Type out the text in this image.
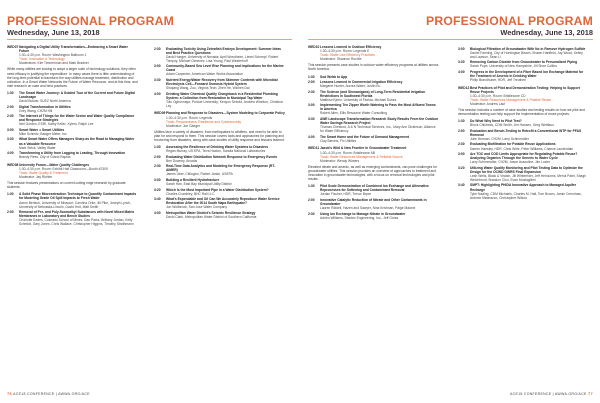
PROFESSIONAL PROGRAM
Wednesday, June 13, 2018
WED07 Navigating a Digital Utility Transformation—Embracing a Smart Water Future
1:30–4:30 p.m. Room: Washington Ballroom 1
Track: Innovation & Technology
Moderators: Kim Timmerman and Mark Bradner
While many utilities are looking to adopt a larger suite of technology solutions, they often need efficacy in justifying the expenditure. In many cases there is little understanding of the long-term potential to transform the way utilities manage treatment, distribution and collection. In a Smart Water Networks the Future of Water Resource, and at this time, and intel research on case and best practices.
1:30	The Smart Water Journey: A Guided Tour of the Current and Future Digital Landscape
David Bolivar, SUEZ North America
2:00	Digital Transformation in Utilities
Grey Wang, CH2M Hill
2:30	The Internet of Things for the Water Sector and Water Quality Compliance and Response Strategies
Neil Gordon, ESRI, Kathy Keller, Xylem, Ralph Lee
3:00	Smart Water = Smart Utilities
Mike Schmitz, Badger Meter, Inc.
3:30	What Smart Water Offers Managers Sharp as the Road to Managing Water as a Valuable Resource
Mark Strick, Valley Water
4:00	Transforming a Utility from Lagging to Leading, Through Innovation
Brandy Rees, City of Grand Rapids
WED08 University Forum—Water Quality Challenges
1:30–4:30 p.m. Room: Exhibit Hall Classroom—Booth #2309
Track: Water Quality & Treatment
Moderator: Jay Richter
This session features presentations on current cutting edge research by graduate students.
1:30	A Solid Phase Microextraction Technique to Quantify Contaminant Impacts for Modeling Grade Oil Spill Impacts to Fresh Water
Aaron Bertsch, University of Missouri; Carolina Ortiz; Jill Pike, Joseph Lynch, University of Nebraska-Lincoln, David Holt, Matt Smith
2:00	Removal of Per- and Poly-fluoroalkyl Substances with Novel Mixed Matrix Membranes in Laboratory and Bench Studies
Charlotte Eades, Colorado School of Mines, Dan Parks, Brittany Jordan, Kelly Schmidt, Gary Jones, Chris Wallace, Christopher Higgins, Timothy Strathmann
2:30	Evaluating Toxicity Using Zebrafish Embryo Development: Summer Ideas and Best Practice Questions
David Hoeger, University of Nevada; April Wondheim, Liesel Schnepf, Robert Tiznpoy, Michael Gimenez, Lisa Young, Paul Westerhoff
3:00	Community-Based Sea Level Rise Planning and Implications for the Marine Coast
Adam Carpenter, American Water Works Association
3:30	Nutrient Energy/Water Recovery from Skimmer Contents with Microbial Electrolysis Cell—Forward Osmosis Hybrid System
Shiqiang Wang, Zou, Virginia Tech; Zhen He, Wichen Dai
4:00	Drinking Water Chemical Quality Chargeback in a Residential Plumbing System: a Collection from Restoration to Municipal Tap Water
Tolu Ogbonnaya, Purdue University; Kenyon Sebold, Andrew Whelton, Christina Ley
WED09 Planning and Response to Disasters—System Modeling to Corporate Policy
1:30–4:30 p.m. Room: Legends
Track: Preparedness, Resilience and Cybersecurity
Moderator: Jon Gaeger
Utilities face a variety of disasters, from earthquakes to wildfires, and need to be able to plan for and respond to them. This session covers tools and approaches for planning and recovering from disasters, along with case studies of utility response and lessons learned.
1:30	Assessing the Resilience of Drinking Water Systems to Disasters
Regan Murray, US EPA, Terra Haxton, Sandia National Laboratories
2:00	Evaluating Water Distribution Network Response to Emergency Events
Ben Downey, Arcadis
2:30	Real-Time Data Analytics and Modeling for Emergency Response (RT-AIMER)
James Uber, Citilogics, Robert Janke, USEPA
3:00	Building a Resilient Hydrofracture
Sarah Han, East Bay Municipal Utility District
3:20	Which Is the Most Important Pipe in a Water Distribution System?
Charles Crumbley, BHC Rail LLC
3:40	What's Expendable and Oil Can We Accurately Reproduce Water Service Restoration After the 2014 South Napa Earthquake?
Jon Wollbrook, San Jose Water Company
4:00	Metropolitan Water District's Seismic Resilience Strategy
David Clark, Metropolitan Water District of Southern California
76 ACE18 CONFERENCE | AWWA.ORG/ACE
PROFESSIONAL PROGRAM
Wednesday, June 13, 2018
WED10 Lessons Learned in Outdoor Efficiency
1:30–4:30 p.m. Room: Legends E
Track: Water Use Efficiency Practices
Moderator: Shannon Rochte
This session presents case studies in outdoor water efficiency programs at utilities across North America.
1:30	Sod Webb to App
2:00	Lessons Learned in Commercial Irrigation Efficiency
Margaret Hunter, Aurora Water; Justin Eu
2:30	The Science (and Shenanigans) of Long-Term Residential Irrigation Restrictions in Southwest Florida
Matthew Kjeen, University of Florida, Michael Dukes
3:00	Implementing Ten Zipper Worth Watering to Pass the Most Affluent Towns in America
Robert Allen, Ellis Resource Water Consulting
3:30	AWE Landscape Transformation Research Study Results From the Outdoor Water Savings Research Project
Thomas Chestnut, A & N Technical Services, Inc., Mary Ann Dickinson, Alliance for Water Efficiency
4:00	The Smart Home and the Future of Demand Management
Clay Blevins, Flo Utilities
WED11 Jacob's Wild & New Frontier in Groundwater Treatment
1:30–4:30 p.m. Room: Bristlecone AB
Track: Water Resources Management & Reliable Source
Moderator: Wendy Winters
Elevated nitrate and arsenic, as well as emerging contaminants, can pose challenges for groundwater utilities. This session provides an overview of approaches to treatment and innovation in groundwater technologies, with a focus on removal technologies and pilot results.
1:30	Pilot Scale Demonstration of Combined Ion Exchange and Alternative Reprocesses for Softening and Contaminant Removal
Jordan Fischer, HDR, Trevor Bryce
2:00	Innovative Catalytic Reduction of Nitrate and Other Contaminants in Groundwater
Lauren Riddell, Hazen and Sawyer, Nina Krishnan, Paige Malone
2:30	Using Ion Exchange to Manage Nitrate in Groundwater
Adrien Williams, Stantec Engineering, Inc., Jeff Gross
3:00	Biological Filtration of Groundwater With No in Remove Hydrogen Sulfide
Daniel Fanning, City of Huntington Beach, Shawn Hartfield, Jay Wood, Kelley and Lawson, Sean Li
3:30	Removing Carbon Dioxide from Groundwater to Personalized Piping
Sarah Pope, University of New Hampshire, Jill Shoe Collins
4:00	Progress in the Development of a Fiber Based Ion Exchange Material for the Treatment of Arsenic in Drinking Water
Philip Brandhuber, HDR, Jeff Treuthen
WED12 Best Practices of Pilot and Demonstration Testing: Helping to Support Reuse Projects
1:30–4:30 p.m. Room: Bristlecone CD
Track: Water Resources Management & Potable Reuse
Moderator: Andrew Lauf
This session includes a number of case studies and testing results on how we pilot and demonstration testing can help support the implementation of reuse projects.
1:30	Do What Why Need to Pilot Test?
Brock Childress, CDM Smith, Jim Hansen, Greg Wettlaus
2:00	Evaluation and Bench-Testing to Retrofit a Conventional WTP for PFAS Removal
Julie Herman, CH2M, Larry Schimmoller
2:30	Evaluating Biofiltration for Potable Reuse Applications
Darren Hansley, HDR, Chris Wirtz, Peter Williams, Chance Lauderdale
3:00	Are TOC and COD Limits Appropriate for Regulating Potable Reuse? Analyzing Organics Through the Generic to Water Cycle
Larry Schimmoller, CH2M, Jason Assouline, Jim Lozier
3:20	Utilizing Water Quality Monitoring and Pilot Testing Data to Optimize the Design for the OCWD GWRS Final Expansion
Leah Wells, Black & Veatch, Jill Winterrider, Jeff Heinzoms, Mehul Patel, Shagh Weichbrodt, Brandon Chui, Evan Mostaghimi
3:40	SMPT: Highlighting PHIDA Innovative Approach to Managed Aquifer Recharge
Tyler Nading, CDM Michaels, Charles M. Hall, Tom Brown, Jamie Crenshaw, Antonio Melarazzo, Christopher Wilson
ACE18 CONFERENCE | AWWA.ORG/ACE 77
